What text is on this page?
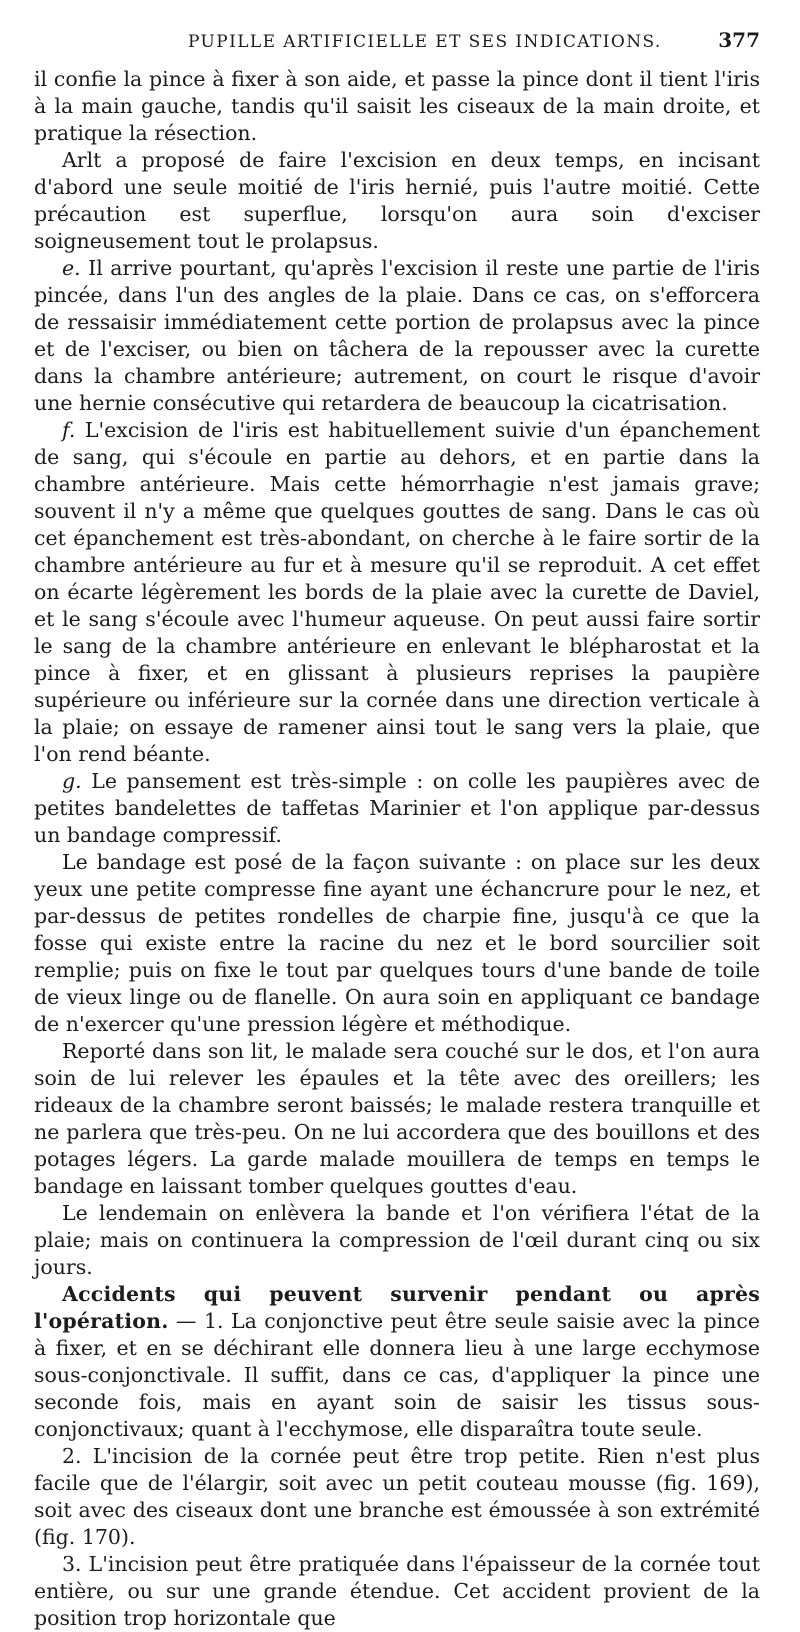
PUPILLE ARTIFICIELLE ET SES INDICATIONS.	377

il confie la pince à fixer à son aide, et passe la pince dont il tient l'iris à la main gauche, tandis qu'il saisit les ciseaux de la main droite, et pratique la résection.

Arlt a proposé de faire l'excision en deux temps, en incisant d'abord une seule moitié de l'iris hernié, puis l'autre moitié. Cette précaution est superflue, lorsqu'on aura soin d'exciser soigneusement tout le prolapsus.

e. Il arrive pourtant, qu'après l'excision il reste une partie de l'iris pincée, dans l'un des angles de la plaie. Dans ce cas, on s'efforcera de ressaisir immédiatement cette portion de prolapsus avec la pince et de l'exciser, ou bien on tâchera de la repousser avec la curette dans la chambre antérieure; autrement, on court le risque d'avoir une hernie consécutive qui retardera de beaucoup la cicatrisation.

f. L'excision de l'iris est habituellement suivie d'un épanchement de sang, qui s'écoule en partie au dehors, et en partie dans la chambre antérieure. Mais cette hémorrhagie n'est jamais grave; souvent il n'y a même que quelques gouttes de sang. Dans le cas où cet épanchement est très-abondant, on cherche à le faire sortir de la chambre antérieure au fur et à mesure qu'il se reproduit. A cet effet on écarte légèrement les bords de la plaie avec la curette de Daviel, et le sang s'écoule avec l'humeur aqueuse. On peut aussi faire sortir le sang de la chambre antérieure en enlevant le blépharostat et la pince à fixer, et en glissant à plusieurs reprises la paupière supérieure ou inférieure sur la cornée dans une direction verticale à la plaie; on essaye de ramener ainsi tout le sang vers la plaie, que l'on rend béante.

g. Le pansement est très-simple : on colle les paupières avec de petites bandelettes de taffetas Marinier et l'on applique par-dessus un bandage compressif.

Le bandage est posé de la façon suivante : on place sur les deux yeux une petite compresse fine ayant une échancrure pour le nez, et par-dessus de petites rondelles de charpie fine, jusqu'à ce que la fosse qui existe entre la racine du nez et le bord sourcilier soit remplie; puis on fixe le tout par quelques tours d'une bande de toile de vieux linge ou de flanelle. On aura soin en appliquant ce bandage de n'exercer qu'une pression légère et méthodique.

Reporté dans son lit, le malade sera couché sur le dos, et l'on aura soin de lui relever les épaules et la tête avec des oreillers; les rideaux de la chambre seront baissés; le malade restera tranquille et ne parlera que très-peu. On ne lui accordera que des bouillons et des potages légers. La garde malade mouillera de temps en temps le bandage en laissant tomber quelques gouttes d'eau.

Le lendemain on enlèvera la bande et l'on vérifiera l'état de la plaie; mais on continuera la compression de l'œil durant cinq ou six jours.

Accidents qui peuvent survenir pendant ou après l'opération. — 1. La conjonctive peut être seule saisie avec la pince à fixer, et en se déchirant elle donnera lieu à une large ecchymose sous-conjonctivale. Il suffit, dans ce cas, d'appliquer la pince une seconde fois, mais en ayant soin de saisir les tissus sous-conjonctivaux; quant à l'ecchymose, elle disparaîtra toute seule.

2. L'incision de la cornée peut être trop petite. Rien n'est plus facile que de l'élargir, soit avec un petit couteau mousse (fig. 169), soit avec des ciseaux dont une branche est émoussée à son extrémité (fig. 170).

3. L'incision peut être pratiquée dans l'épaisseur de la cornée tout entière, ou sur une grande étendue. Cet accident provient de la position trop horizontale que
